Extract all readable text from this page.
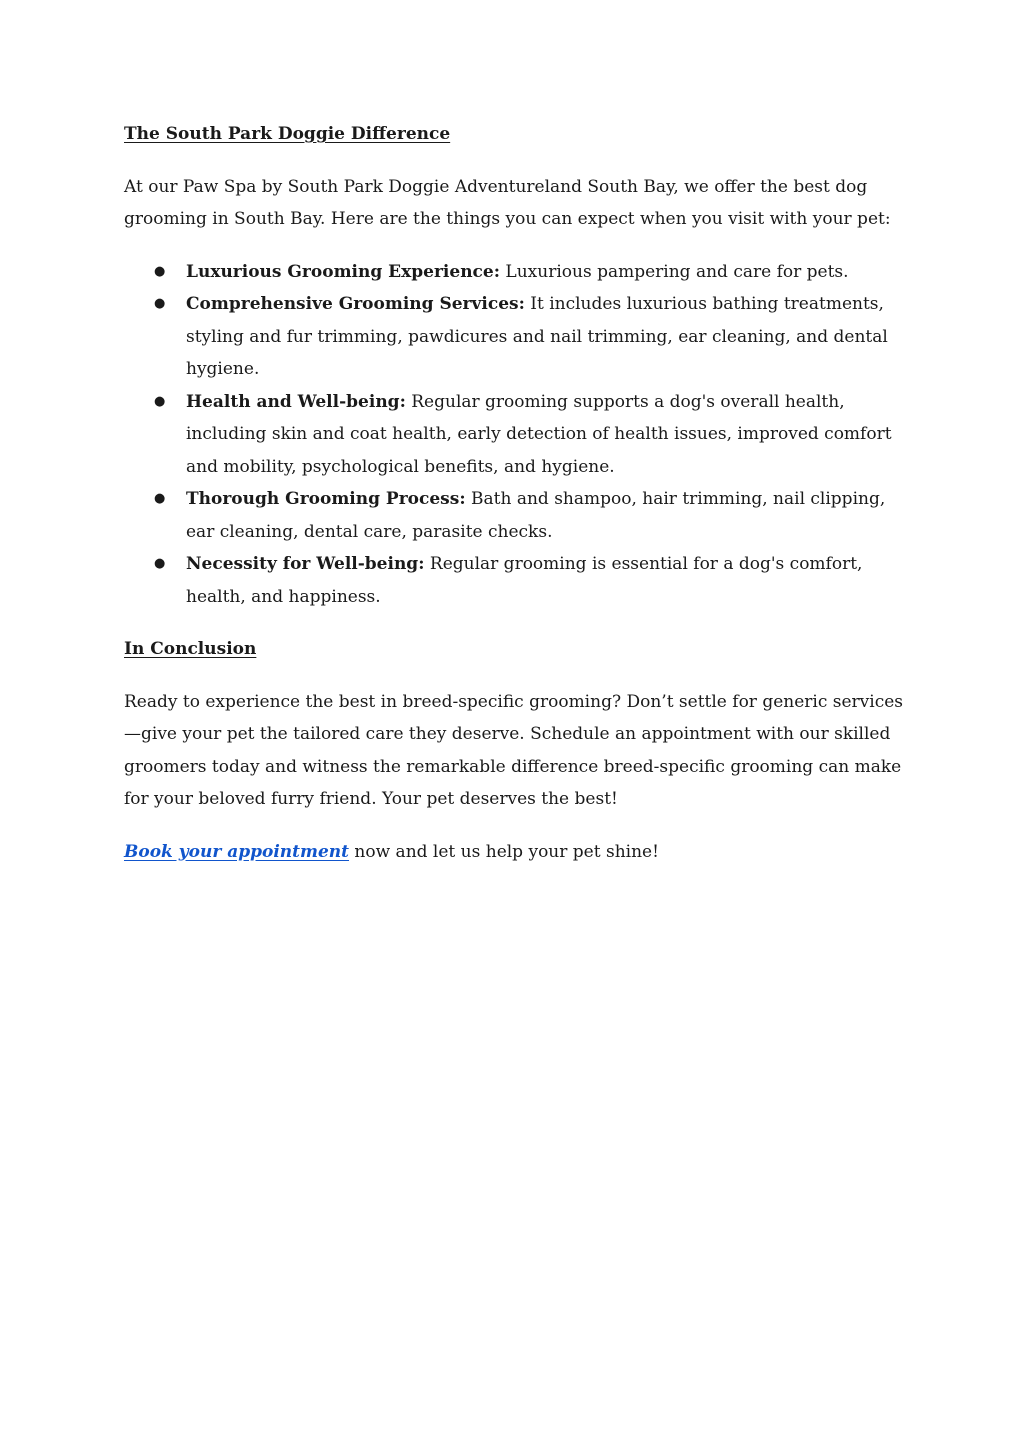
The South Park Doggie Difference

At our Paw Spa by South Park Doggie Adventureland South Bay, we offer the best dog grooming in South Bay. Here are the things you can expect when you visit with your pet:

● Luxurious Grooming Experience: Luxurious pampering and care for pets.
● Comprehensive Grooming Services: It includes luxurious bathing treatments, styling and fur trimming, pawdicures and nail trimming, ear cleaning, and dental hygiene.
● Health and Well-being: Regular grooming supports a dog's overall health, including skin and coat health, early detection of health issues, improved comfort and mobility, psychological benefits, and hygiene.
● Thorough Grooming Process: Bath and shampoo, hair trimming, nail clipping, ear cleaning, dental care, parasite checks.
● Necessity for Well-being: Regular grooming is essential for a dog's comfort, health, and happiness.
In Conclusion

Ready to experience the best in breed-specific grooming? Don’t settle for generic services—give your pet the tailored care they deserve. Schedule an appointment with our skilled groomers today and witness the remarkable difference breed-specific grooming can make for your beloved furry friend. Your pet deserves the best!

Book your appointment now and let us help your pet shine!
